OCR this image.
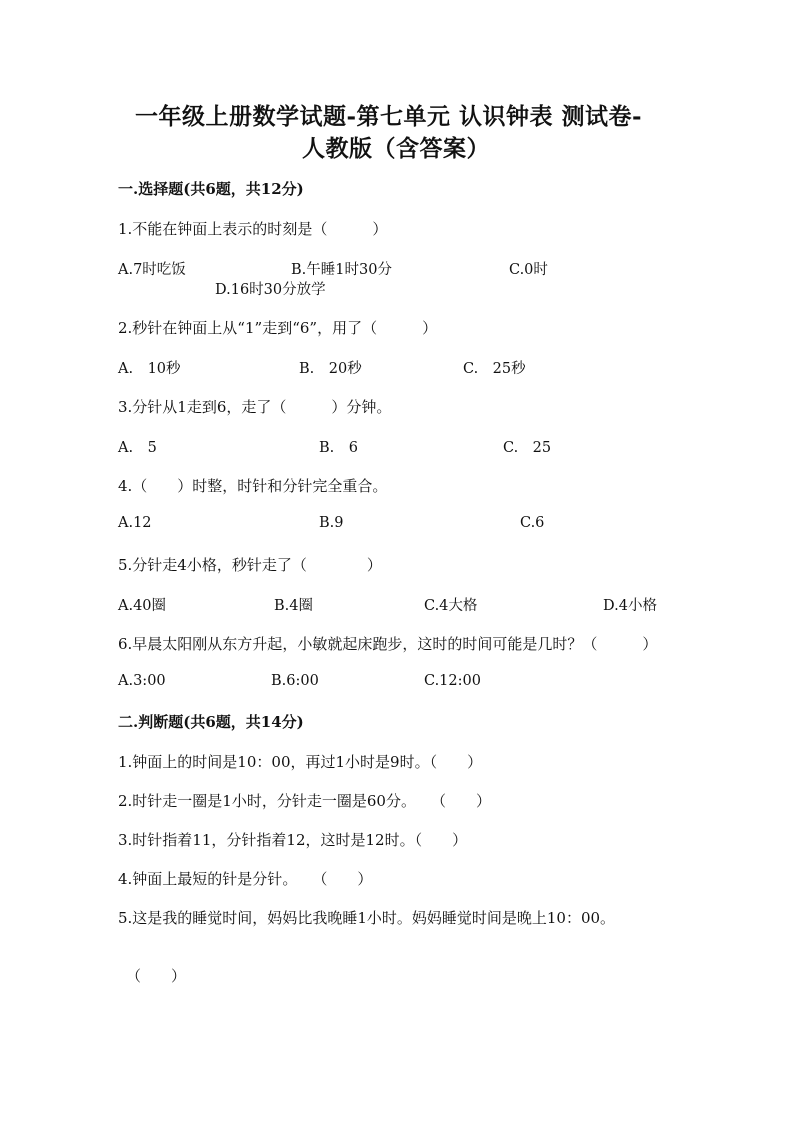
一年级上册数学试题-第七单元 认识钟表 测试卷-
人教版（含答案）
一.选择题(共6题，共12分)
1.不能在钟面上表示的时刻是（　　　）
A.7时吃饭	B.午睡1时30分	C.0时
D.16时30分放学
2.秒针在钟面上从“1”走到“6”，用了（　　　）
A.　10秒	B.　20秒	C.　25秒
3.分针从1走到6，走了（　　　）分钟。
A.　5	B.　6	C.　25
4.（　　）时整，时针和分针完全重合。
A.12	B.9	C.6
5.分针走4小格，秒针走了（　　　　）
A.40圈	B.4圈	C.4大格	D.4小格
6.早晨太阳刚从东方升起，小敏就起床跑步，这时的时间可能是几时？（　　　）
A.3:00	B.6:00	C.12:00
二.判断题(共6题，共14分)
1.钟面上的时间是10：00，再过1小时是9时。（　　）
2.时针走一圈是1小时，分针走一圈是60分。　　（　　）
3.时针指着11，分针指着12，这时是12时。（　　）
4.钟面上最短的针是分针。　　（　　）
5.这是我的睡觉时间，妈妈比我晚睡1小时。妈妈睡觉时间是晚上10：00。
（　　）
